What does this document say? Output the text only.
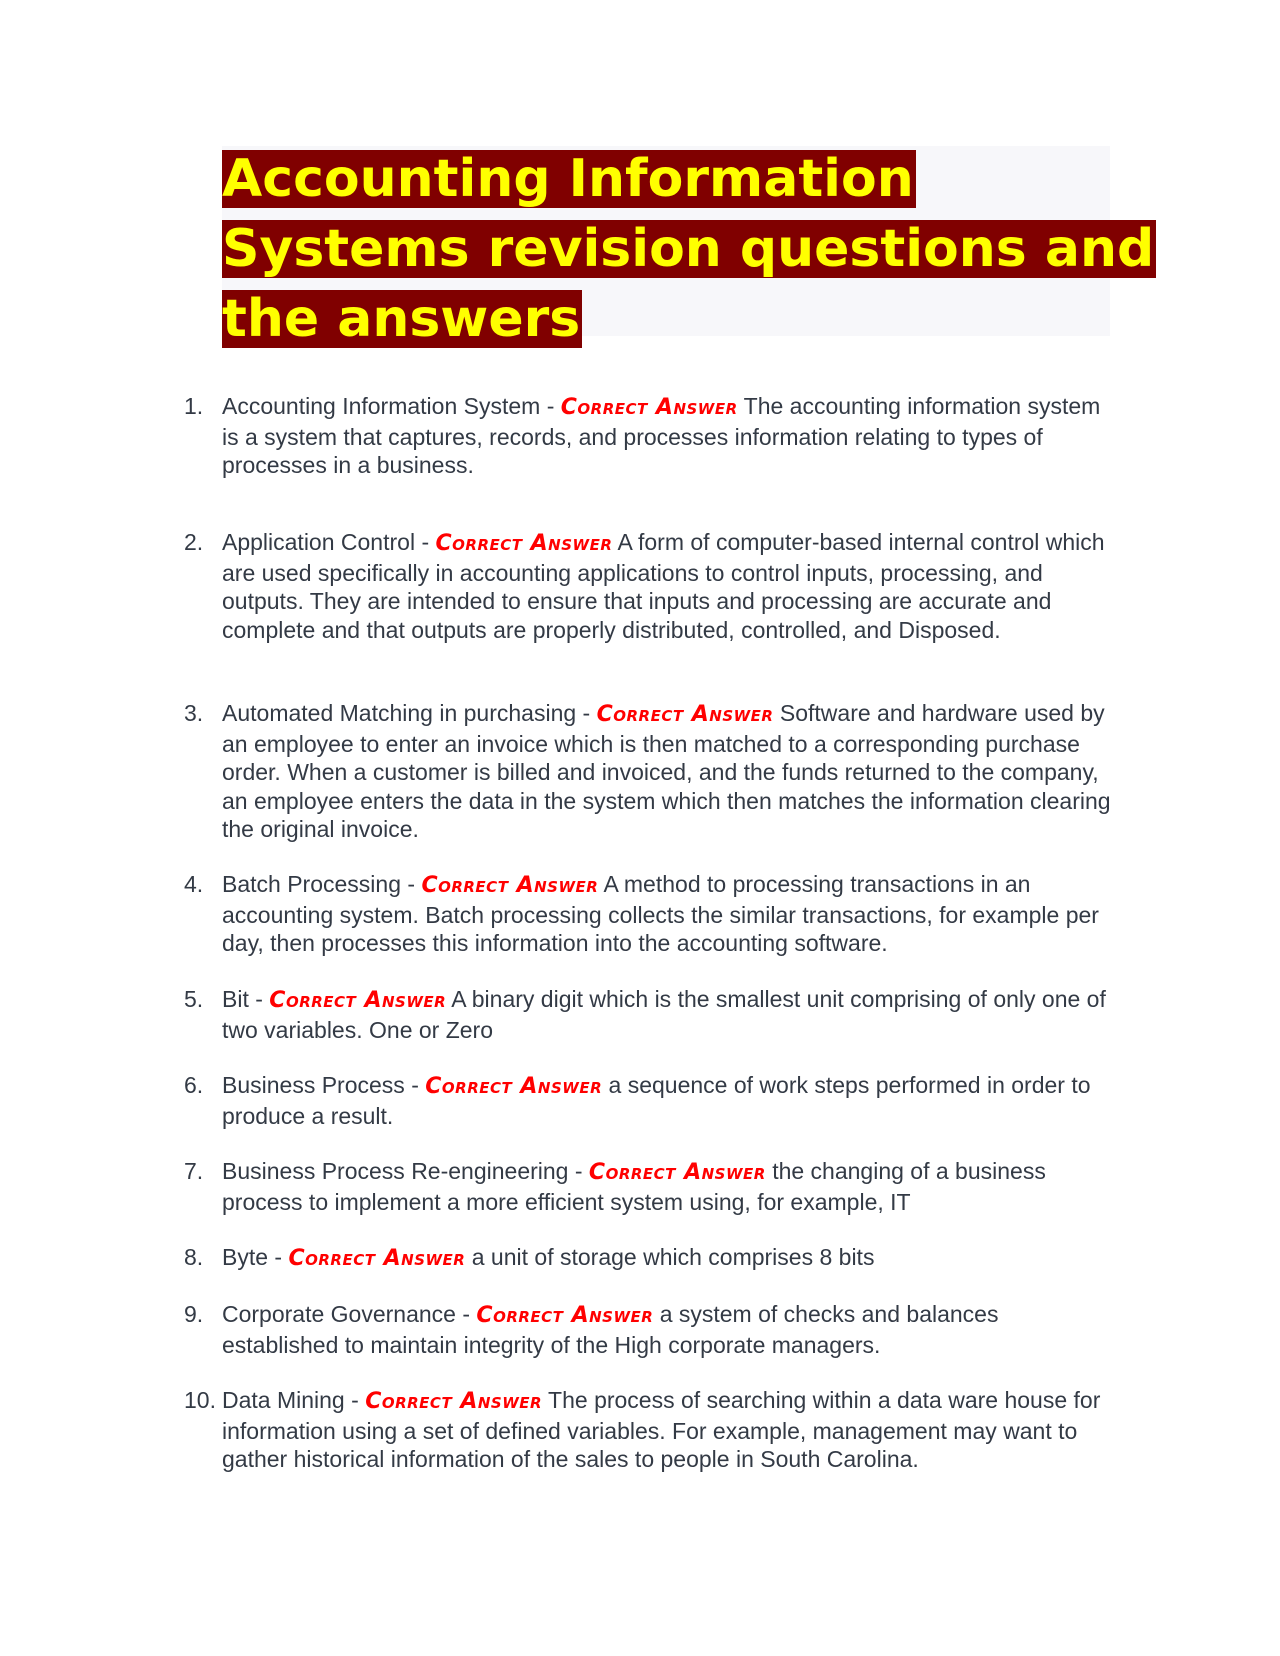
Accounting Information
Systems revision questions and
the answers
1. Accounting Information System - Correct Answer The accounting information system is a system that captures, records, and processes information relating to types of processes in a business.
2. Application Control - Correct Answer A form of computer-based internal control which are used specifically in accounting applications to control inputs, processing, and outputs. They are intended to ensure that inputs and processing are accurate and complete and that outputs are properly distributed, controlled, and Disposed.
3. Automated Matching in purchasing - Correct Answer Software and hardware used by an employee to enter an invoice which is then matched to a corresponding purchase order. When a customer is billed and invoiced, and the funds returned to the company, an employee enters the data in the system which then matches the information clearing the original invoice.
4. Batch Processing - Correct Answer A method to processing transactions in an accounting system. Batch processing collects the similar transactions, for example per day, then processes this information into the accounting software.
5. Bit - Correct Answer A binary digit which is the smallest unit comprising of only one of two variables. One or Zero
6. Business Process - Correct Answer a sequence of work steps performed in order to produce a result.
7. Business Process Re-engineering - Correct Answer the changing of a business process to implement a more efficient system using, for example, IT
8. Byte - Correct Answer a unit of storage which comprises 8 bits
9. Corporate Governance - Correct Answer a system of checks and balances established to maintain integrity of the High corporate managers.
10. Data Mining - Correct Answer The process of searching within a data ware house for information using a set of defined variables. For example, management may want to gather historical information of the sales to people in South Carolina.
